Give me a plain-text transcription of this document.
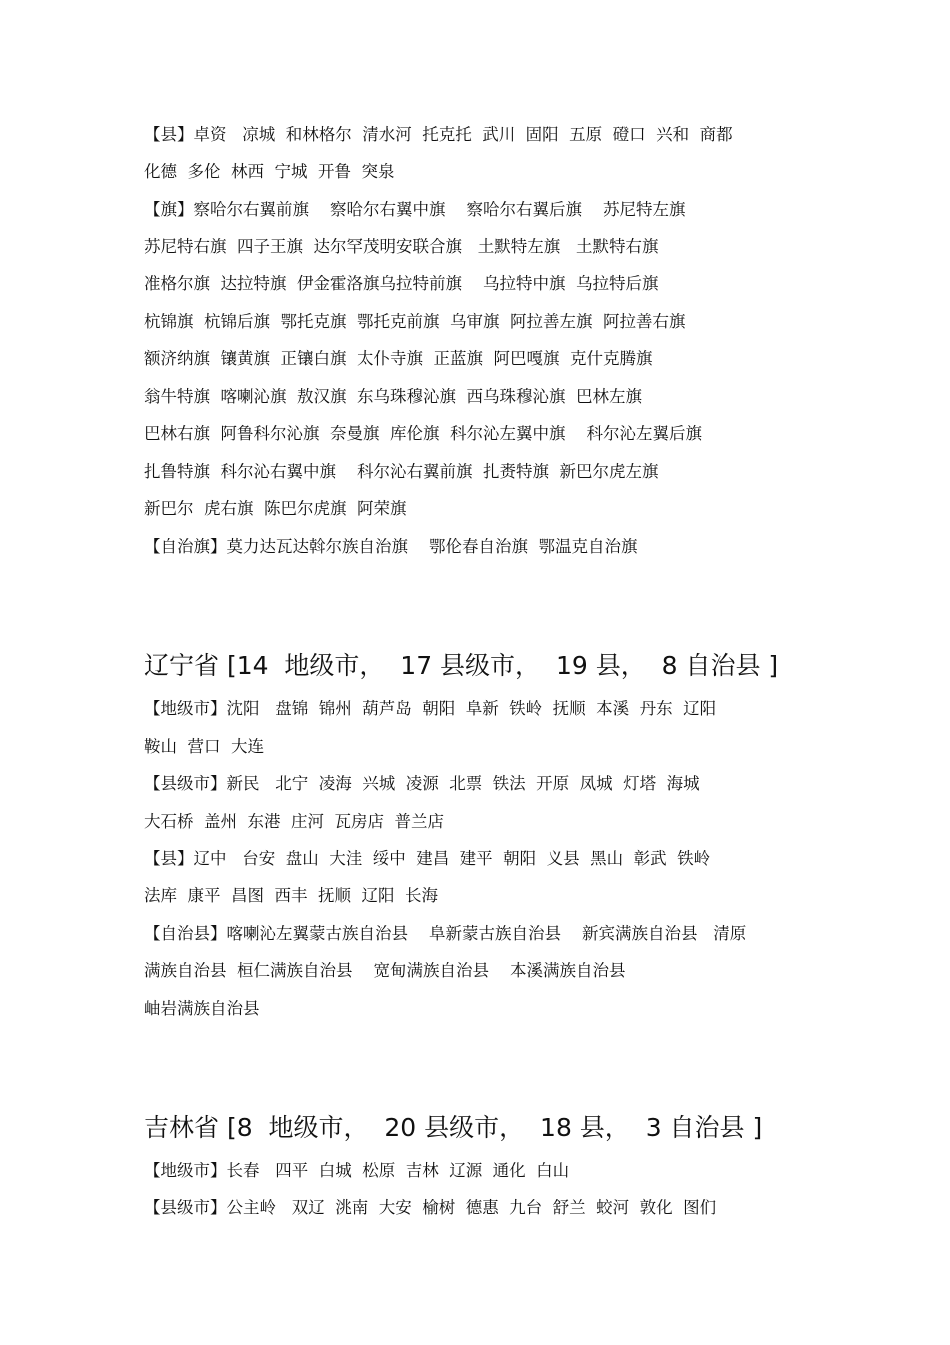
【县】卓资   凉城  和林格尔  清水河  托克托  武川  固阳  五原  磴口  兴和  商都
化德  多伦  林西  宁城  开鲁  突泉
【旗】察哈尔右翼前旗    察哈尔右翼中旗    察哈尔右翼后旗    苏尼特左旗
苏尼特右旗  四子王旗  达尔罕茂明安联合旗   土默特左旗   土默特右旗
准格尔旗  达拉特旗  伊金霍洛旗乌拉特前旗    乌拉特中旗  乌拉特后旗
杭锦旗  杭锦后旗  鄂托克旗  鄂托克前旗  乌审旗  阿拉善左旗  阿拉善右旗
额济纳旗  镶黄旗  正镶白旗  太仆寺旗  正蓝旗  阿巴嘎旗  克什克腾旗
翁牛特旗  喀喇沁旗  敖汉旗  东乌珠穆沁旗  西乌珠穆沁旗  巴林左旗
巴林右旗  阿鲁科尔沁旗  奈曼旗  库伦旗  科尔沁左翼中旗    科尔沁左翼后旗
扎鲁特旗  科尔沁右翼中旗    科尔沁右翼前旗  扎赉特旗  新巴尔虎左旗
新巴尔  虎右旗  陈巴尔虎旗  阿荣旗
【自治旗】莫力达瓦达斡尔族自治旗    鄂伦春自治旗  鄂温克自治旗
辽宁省 [14  地级市，  17 县级市，  19 县，  8 自治县 ]
【地级市】沈阳   盘锦  锦州  葫芦岛  朝阳  阜新  铁岭  抚顺  本溪  丹东  辽阳
鞍山  营口  大连
【县级市】新民   北宁  凌海  兴城  凌源  北票  铁法  开原  凤城  灯塔  海城
大石桥  盖州  东港  庄河  瓦房店  普兰店
【县】辽中   台安  盘山  大洼  绥中  建昌  建平  朝阳  义县  黑山  彰武  铁岭
法库  康平  昌图  西丰  抚顺  辽阳  长海
【自治县】喀喇沁左翼蒙古族自治县    阜新蒙古族自治县    新宾满族自治县   清原
满族自治县  桓仁满族自治县    宽甸满族自治县    本溪满族自治县
岫岩满族自治县
吉林省 [8  地级市，  20 县级市，  18 县，  3 自治县 ]
【地级市】长春   四平  白城  松原  吉林  辽源  通化  白山
【县级市】公主岭   双辽  洮南  大安  榆树  德惠  九台  舒兰  蛟河  敦化  图们
